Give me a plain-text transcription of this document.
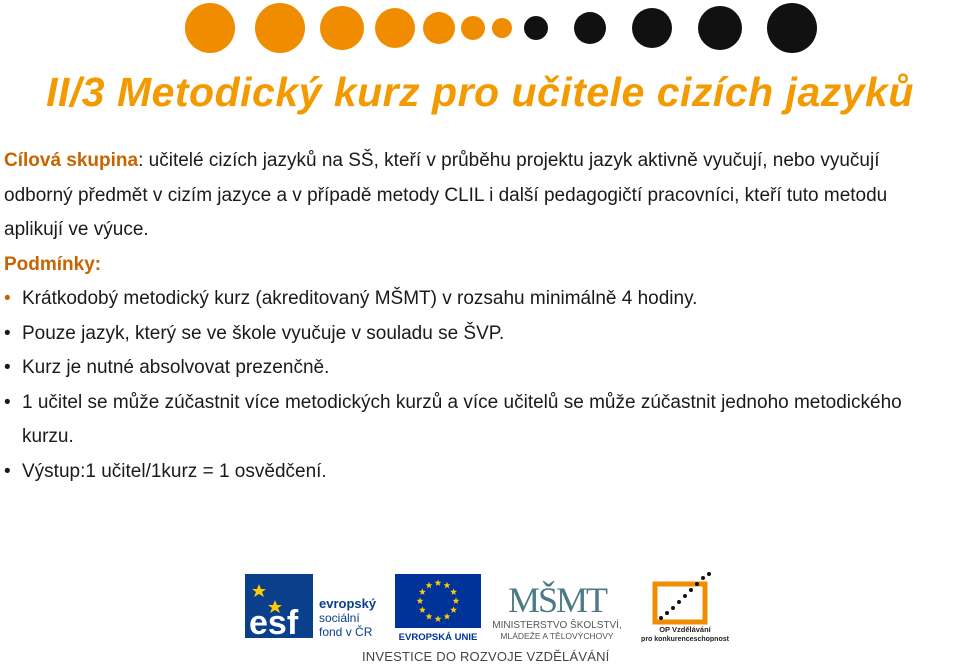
II/3 Metodický kurz pro učitele cizích jazyků

Cílová skupina: učitelé cizích jazyků na SŠ, kteří v průběhu projektu jazyk aktivně vyučují, nebo vyučují odborný předmět v cizím jazyce a v případě metody CLIL i další pedagogičtí pracovníci, kteří tuto metodu aplikují ve výuce.

Podmínky:

• Krátkodobý metodický kurz (akreditovaný MŠMT) v rozsahu minimálně 4 hodiny.
• Pouze jazyk, který se ve škole vyučuje v souladu se ŠVP.
• Kurz je nutné absolvovat prezenčně.
• 1 učitel se může zúčastnit více metodických kurzů a více učitelů se může zúčastnit jednoho metodického kurzu.
• Výstup:1 učitel/1kurz = 1 osvědčení.
esf
evropský
sociální
fond v ČR	EVROPSKÁ UNIE
MŠMT
MINISTERSTVO ŠKOLSTVÍ,
MLÁDEŽE A TĚLOVÝCHOVY
OP Vzdělávání
pro konkurenceschopnost
INVESTICE DO ROZVOJE VZDĚLÁVÁNÍ
